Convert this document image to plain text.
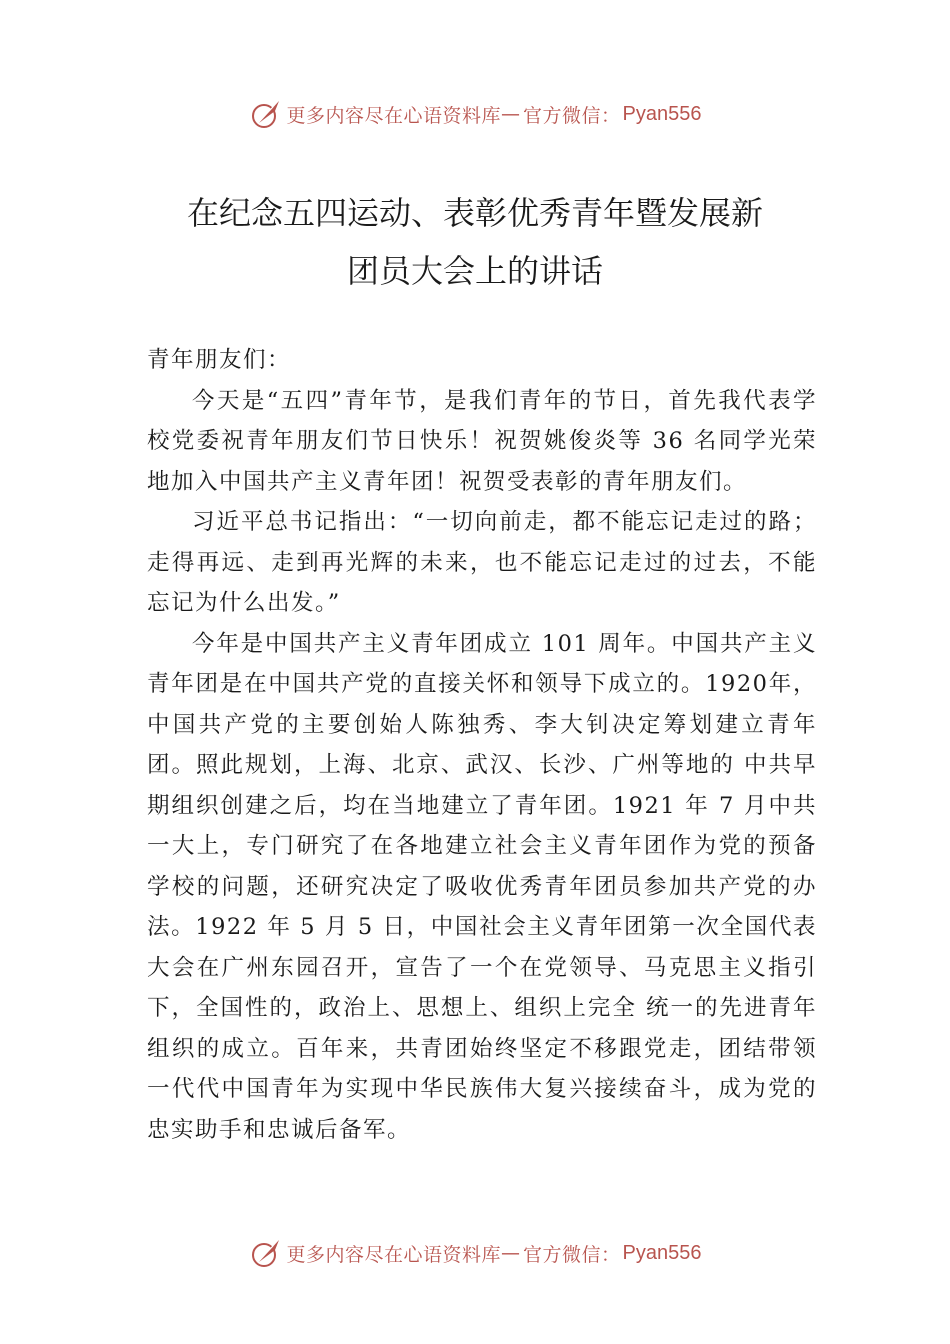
更多内容尽在心语资料库 — 官方微信： Pyan556
在纪念五四运动、表彰优秀青年暨发展新
团员大会上的讲话

青年朋友们：

今天是“五四”青年节，是我们青年的节日，首先我代表学校党委祝青年朋友们节日快乐！祝贺姚俊炎等 36 名同学光荣地加入中国共产主义青年团！祝贺受表彰的青年朋友们。

习近平总书记指出：“一切向前走，都不能忘记走过的路；走得再远、走到再光辉的未来，也不能忘记走过的过去，不能忘记为什么出发。”

今年是中国共产主义青年团成立 101 周年。中国共产主义青年团是在中国共产党的直接关怀和领导下成立的。1920年，中国共产党的主要创始人陈独秀、李大钊决定筹划建立青年团。照此规划，上海、北京、武汉、长沙、广州等地的 中共早期组织创建之后，均在当地建立了青年团。1921 年 7 月中共一大上，专门研究了在各地建立社会主义青年团作为党的预备学校的问题，还研究决定了吸收优秀青年团员参加共产党的办法。1922 年 5 月 5 日，中国社会主义青年团第一次全国代表大会在广州东园召开，宣告了一个在党领导、马克思主义指引下，全国性的，政治上、思想上、组织上完全 统一的先进青年组织的成立。百年来，共青团始终坚定不移跟党走，团结带领一代代中国青年为实现中华民族伟大复兴接续奋斗，成为党的忠实助手和忠诚后备军。

更多内容尽在心语资料库 — 官方微信： Pyan556
